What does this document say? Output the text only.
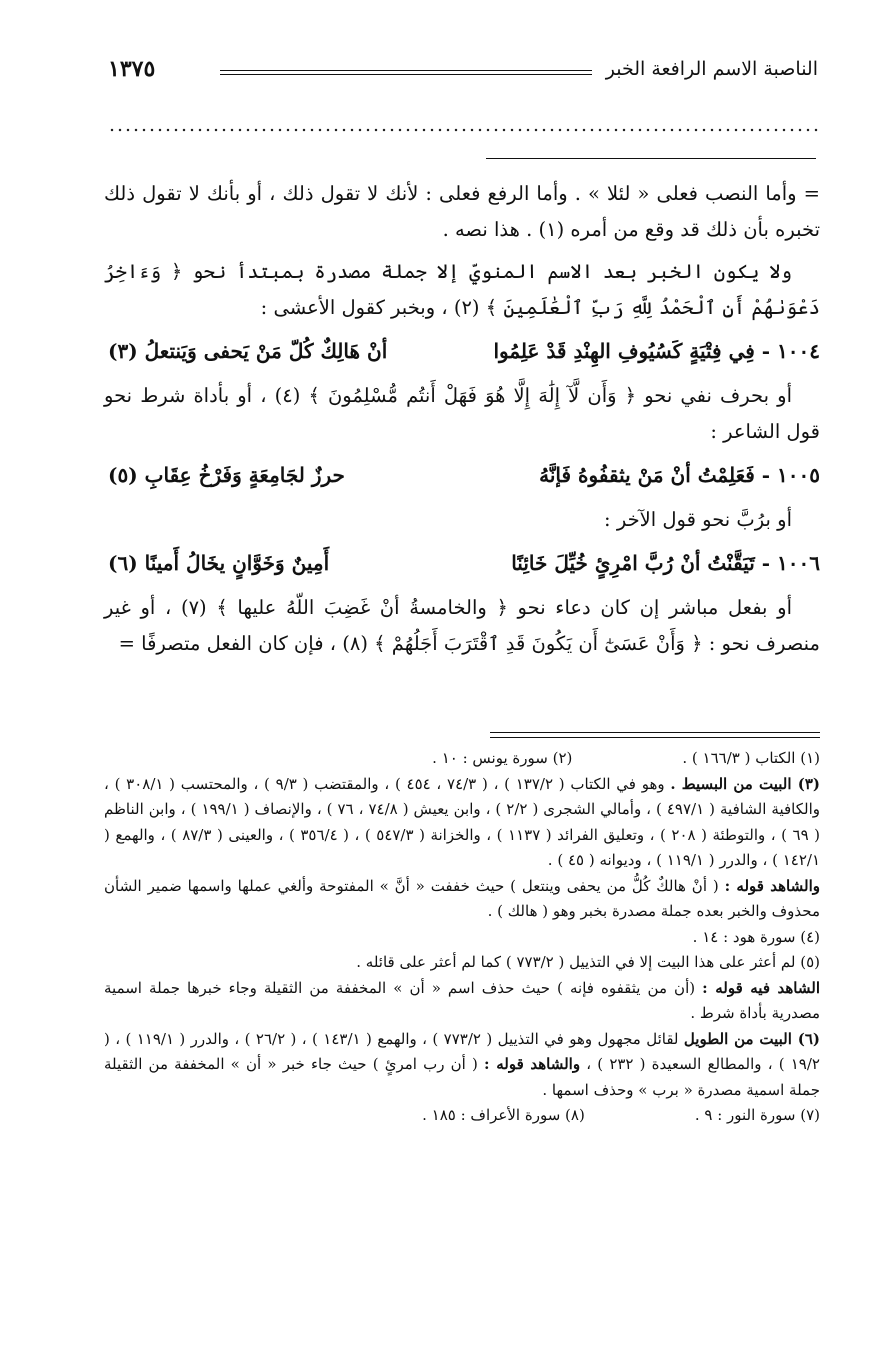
الناصبة الاسم الرافعة الخبر
١٣٧٥

= وأما النصب فعلى « لئلا » . وأما الرفع فعلى : لأنك لا تقول ذلك ، أو بأنك لا تقول ذلك تخبره بأن ذلك قد وقع من أمره (١) . هذا نصه .

ولا يكون الخبر بعد الاسم المنويّ إلا جملة مصدرة بمبتدأ نحو ﴿ وَءَاخِرُ دَعْوَىٰهُمْ أَنِ ٱلْحَمْدُ لِلَّهِ رَبِّ ٱلْعَٰلَمِينَ ﴾ (٢) ، وبخبر كقول الأعشى :

١٠٠٤ - فِي فِتْيَةٍ كَسُيُوفِ الهِنْدِ قَدْ عَلِمُوا
أنْ هَالِكٌ كُلّ مَنْ يَحفى وَيَنتعلُ (٣)

أو بحرف نفي نحو ﴿ وَأَن لَّآ إِلَٰهَ إِلَّا هُوَ فَهَلْ أَنتُم مُّسْلِمُونَ ﴾ (٤) ، أو بأداة شرط نحو قول الشاعر :

١٠٠٥ - فَعَلِمْتُ أنْ مَنْ يثقفُوهُ فَإنَّهُ
حرزٌ لجَامِعَةٍ وَفَرْخُ عِقَابِ (٥)

أو برُبَّ نحو قول الآخر :

١٠٠٦ - تَيَقَّنْتُ أنْ رُبَّ امْرِئٍ خُيِّلَ خَائِنًا
أَمِينٌ وَخَوَّانٍ يخَالُ أَمينًا (٦)

أو بفعل مباشر إن كان دعاء نحو ﴿ والخامسةُ أنْ غَضِبَ اللّهُ عليها ﴾ (٧) ، أو غير منصرف نحو : ﴿ وَأَنْ عَسَىٰٓ أَن يَكُونَ قَدِ ٱقْتَرَبَ أَجَلُهُمْ ﴾ (٨) ، فإن كان الفعل متصرفًا =

(١) الكتاب ( ١٦٦/٣ ) .
(٢) سورة يونس : ١٠ .

(٣) البيت من البسيط . وهو في الكتاب ( ١٣٧/٢ ) ، ( ٧٤/٣ ، ٤٥٤ ) ، والمقتضب ( ٩/٣ ) ، والمحتسب ( ٣٠٨/١ ) ، والكافية الشافية ( ٤٩٧/١ ) ، وأمالي الشجرى ( ٢/٢ ) ، وابن يعيش ( ٧٤/٨ ، ٧٦ ) ، والإنصاف ( ١٩٩/١ ) ، وابن الناظم ( ٦٩ ) ، والتوطئة ( ٢٠٨ ) ، وتعليق الفرائد ( ١١٣٧ ) ، والخزانة ( ٥٤٧/٣ ) ، ( ٣٥٦/٤ ) ، والعينى ( ٨٧/٣ ) ، والهمع ( ١٤٢/١ ) ، والدرر ( ١١٩/١ ) ، وديوانه ( ٤٥ ) .

والشاهد قوله : ( أنْ هالكٌ كُلُّ من يحفى وينتعل ) حيث خففت « أنَّ » المفتوحة وألغي عملها واسمها ضمير الشأن محذوف والخبر بعده جملة مصدرة بخبر وهو ( هالك ) .

(٤) سورة هود : ١٤ .

(٥) لم أعثر على هذا البيت إلا في التذييل ( ٧٧٣/٢ ) كما لم أعثر على قائله .

الشاهد فيه قوله : (أن من يثقفوه فإنه ) حيث حذف اسم « أن » المخففة من الثقيلة وجاء خبرها جملة اسمية مصدرية بأداة شرط .

(٦) البيت من الطويل لقائل مجهول وهو في التذييل ( ٧٧٣/٢ ) ، والهمع ( ١٤٣/١ ) ، ( ٢٦/٢ ) ، والدرر ( ١١٩/١ ) ، ( ١٩/٢ ) ، والمطالع السعيدة ( ٢٣٢ ) ، والشاهد قوله : ( أن رب امرئٍ ) حيث جاء خبر « أن » المخففة من الثقيلة جملة اسمية مصدرة « برب » وحذف اسمها .

(٧) سورة النور : ٩ .
(٨) سورة الأعراف : ١٨٥ .
